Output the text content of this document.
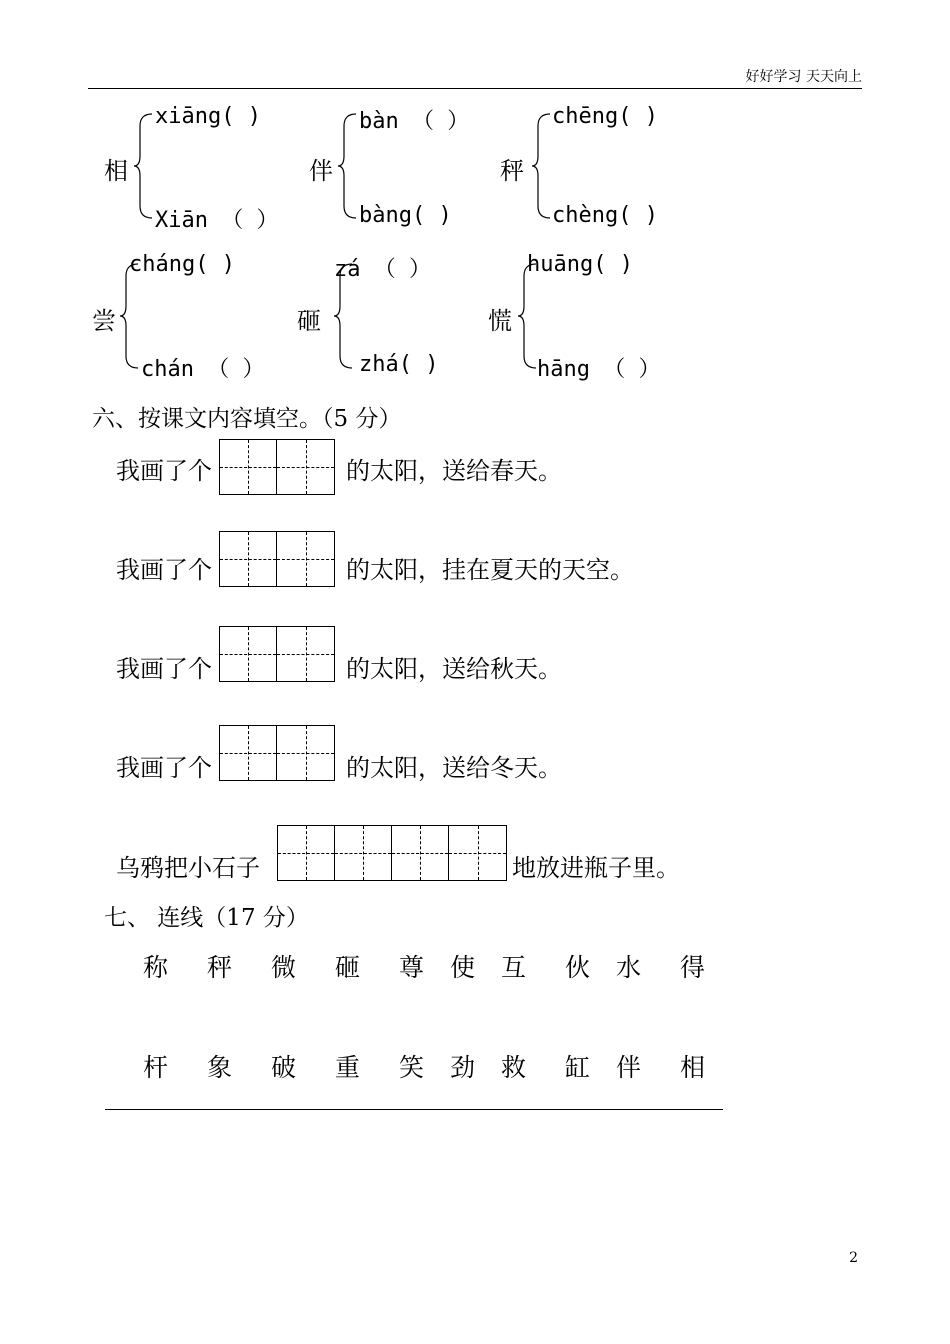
好好学习 天天向上
相
xiāng( )
Xiān （ ）
伴
bàn （ ）
bàng( )
秤
chēng( )
chèng( )
尝
cháng( )
chán （ ）
砸
zá （ ）
zhá( )
慌
huāng( )
hāng （ ）
六、按课文内容填空。（5 分）
我画了个	的太阳，送给春天。
我画了个	的太阳，挂在夏天的天空。
我画了个	的太阳，送给秋天。
我画了个	的太阳，送给冬天。
乌鸦把小石子	地放进瓶子里。
七、 连线（17 分）
称 秤 微 砸 尊 使 互 伙 水 得
杆 象 破 重 笑 劲 救 缸 伴 相
2
